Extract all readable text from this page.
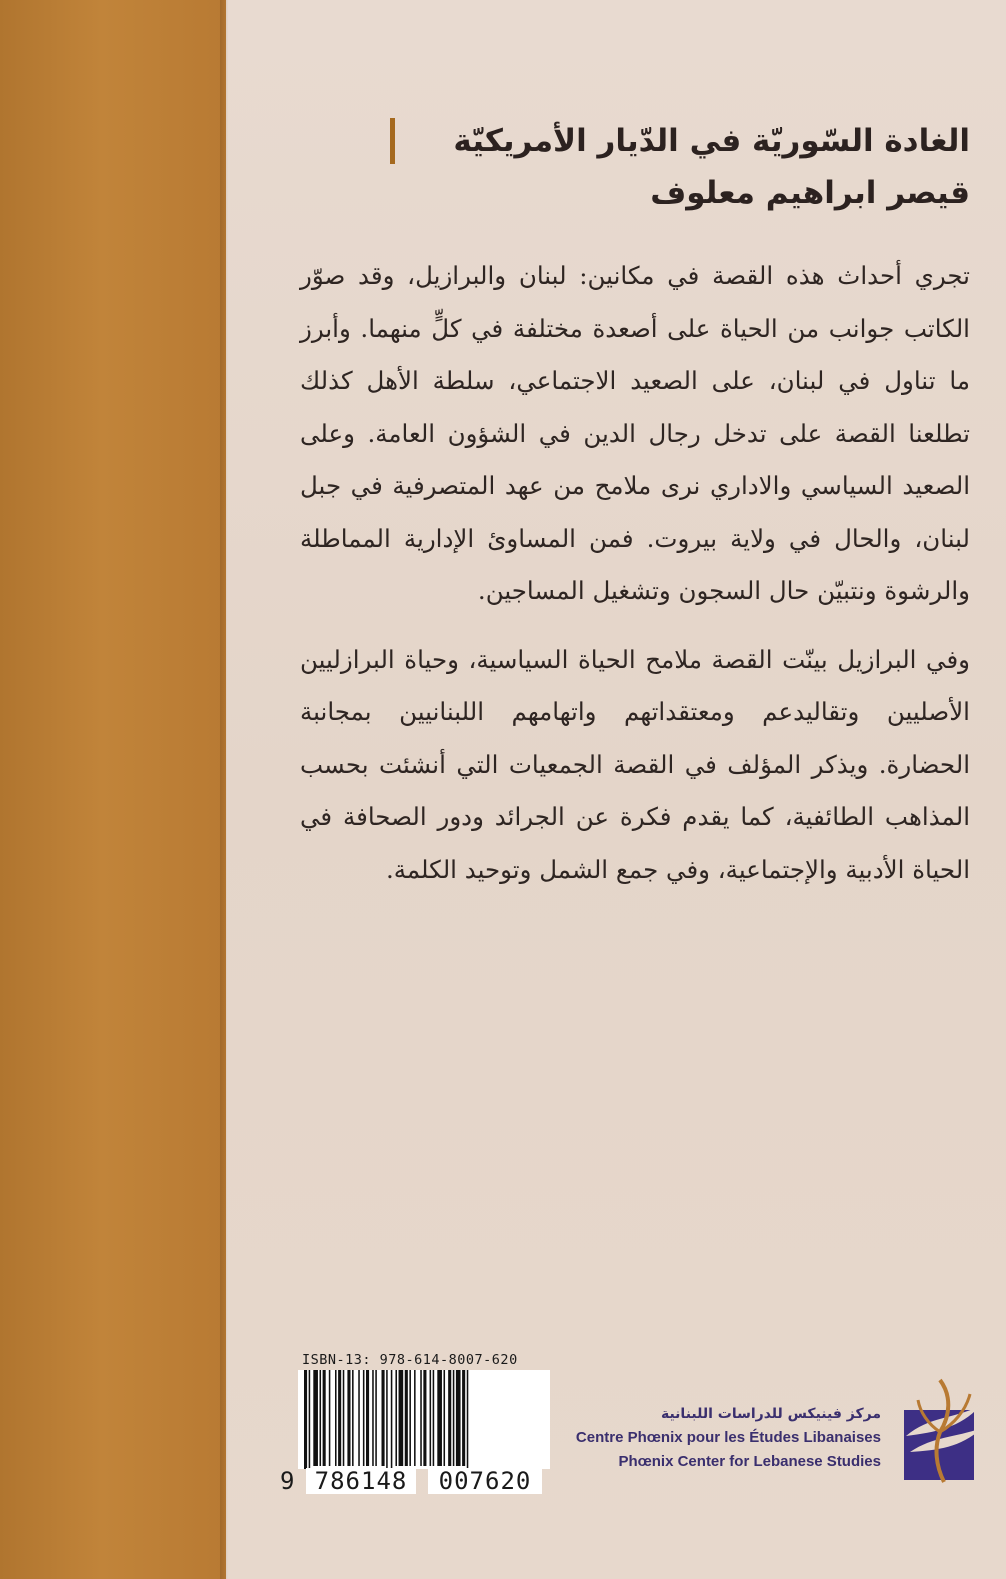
الغادة السّوريّة في الدّيار الأمريكيّة
قيصر ابراهيم معلوف

تجري أحداث هذه القصة في مكانين: لبنان والبرازيل، وقد صوّر الكاتب جوانب من الحياة على أصعدة مختلفة في كلٍّ منهما. وأبرز ما تناول في لبنان، على الصعيد الاجتماعي، سلطة الأهل كذلك تطلعنا القصة على تدخل رجال الدين في الشؤون العامة. وعلى الصعيد السياسي والاداري نرى ملامح من عهد المتصرفية في جبل لبنان، والحال في ولاية بيروت. فمن المساوئ الإدارية المماطلة والرشوة ونتبيّن حال السجون وتشغيل المساجين.

وفي البرازيل بينّت القصة ملامح الحياة السياسية، وحياة البرازليين الأصليين وتقاليدعم ومعتقداتهم واتهامهم اللبنانيين بمجانبة الحضارة. ويذكر المؤلف في القصة الجمعيات التي أنشئت بحسب المذاهب الطائفية، كما يقدم فكرة عن الجرائد ودور الصحافة في الحياة الأدبية والإجتماعية، وفي جمع الشمل وتوحيد الكلمة.

ISBN-13: 978-614-8007-620
9 786148	007620
مركز فينيكس للدراسات اللبنانية
Centre Phœnix pour les Études Libanaises
Phœnix Center for Lebanese Studies
